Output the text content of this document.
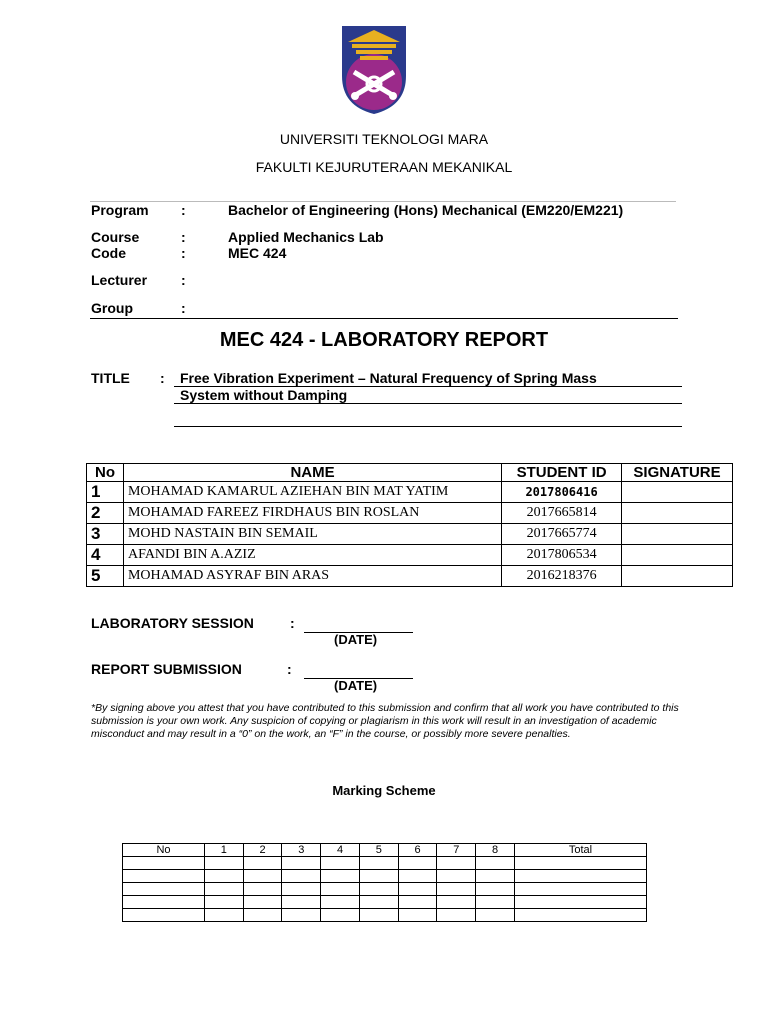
UNIVERSITI TEKNOLOGI MARA
FAKULTI KEJURUTERAAN MEKANIKAL
Program :	Bachelor of Engineering (Hons) Mechanical (EM220/EM221)
Course	:	Applied Mechanics Lab
Code	:	MEC 424
Lecturer :
Group	:
MEC 424 - LABORATORY REPORT
TITLE : Free Vibration Experiment – Natural Frequency of Spring Mass
System without Damping
No	NAME	STUDENT ID	SIGNATURE
1	MOHAMAD KAMARUL AZIEHAN BIN MAT YATIM	2017806416	
2	MOHAMAD FAREEZ FIRDHAUS BIN ROSLAN	2017665814	
3	MOHD NASTAIN BIN SEMAIL	2017665774	
4	AFANDI BIN A.AZIZ	2017806534	
5	MOHAMAD ASYRAF BIN ARAS	2016218376	
LABORATORY SESSION	:
(DATE)
REPORT SUBMISSION	:
(DATE)
*By signing above you attest that you have contributed to this submission and confirm that all work you have contributed to this
submission is your own work. Any suspicion of copying or plagiarism in this work will result in an investigation of academic
misconduct and may result in a “0” on the work, an “F” in the course, or possibly more severe penalties.
Marking Scheme
No	1	2	3	4	5	6	7	8	Total
